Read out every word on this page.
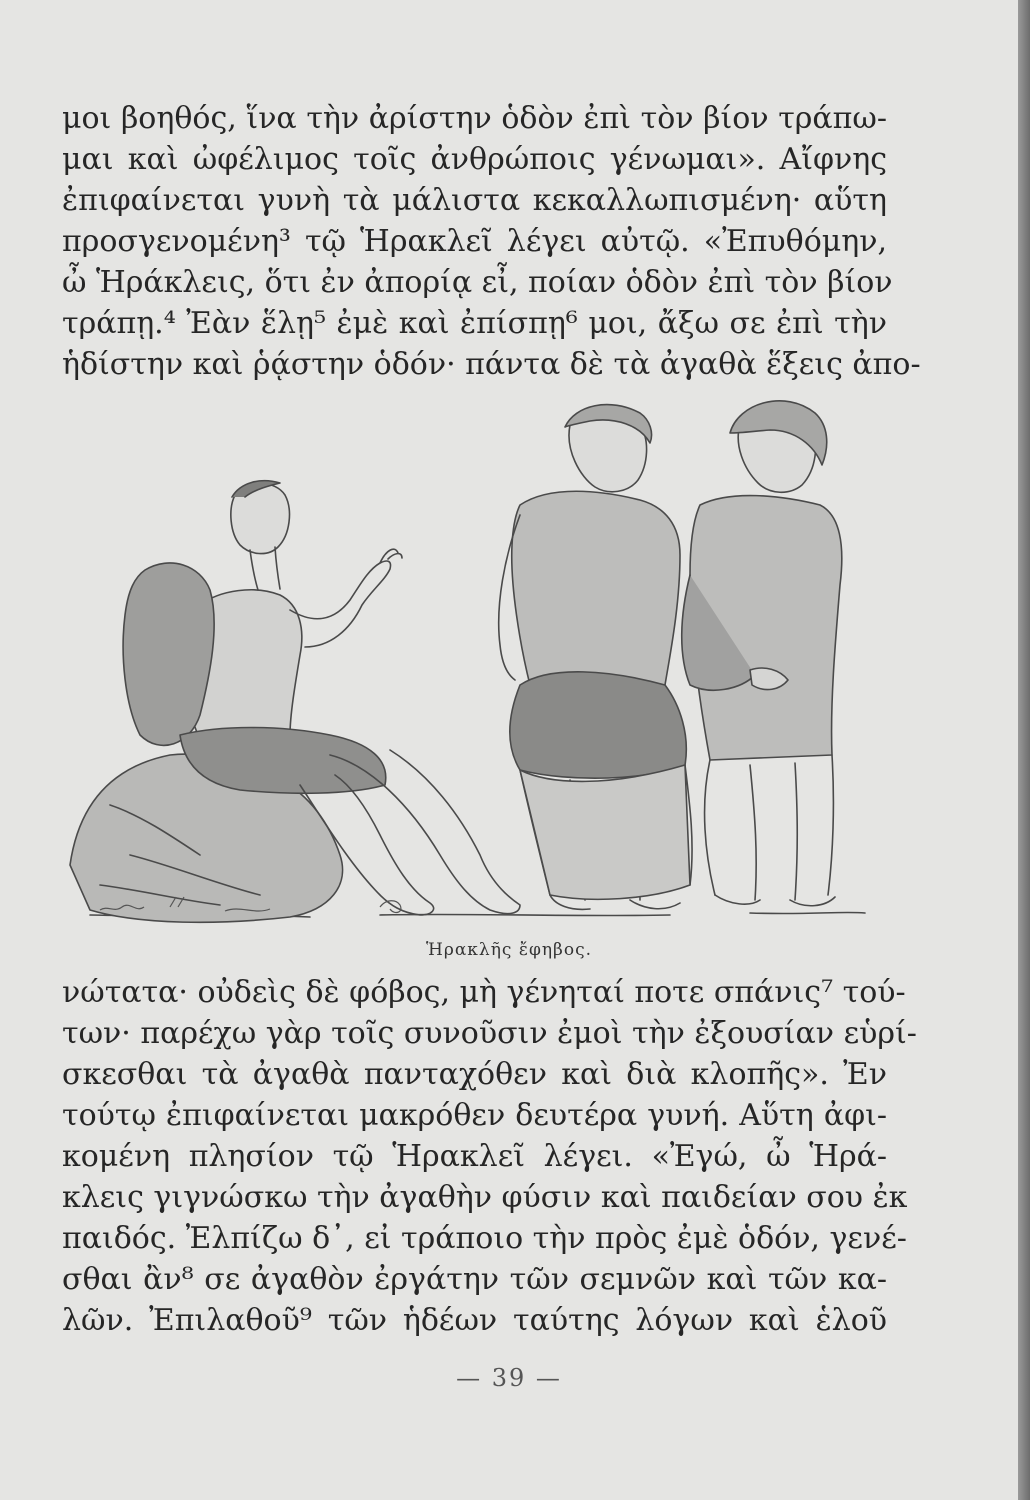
μοι βοηθός, ἵνα τὴν ἀρίστην ὁδὸν ἐπὶ τὸν βίον τράπω-
μαι καὶ ὠφέλιμος τοῖς ἀνθρώποις γένωμαι». Αἴφνης
ἐπιφαίνεται γυνὴ τὰ μάλιστα κεκαλλωπισμένη· αὕτη
προσγενομένη³ τῷ Ἡρακλεῖ λέγει αὐτῷ. «Ἐπυθόμην,
ὦ Ἡράκλεις, ὅτι ἐν ἀπορίᾳ εἶ, ποίαν ὁδὸν ἐπὶ τὸν βίον
τράπῃ.⁴ Ἐὰν ἕλῃ⁵ ἐμὲ καὶ ἐπίσπῃ⁶ μοι, ἄξω σε ἐπὶ τὴν
ἡδίστην καὶ ῥᾴστην ὁδόν· πάντα δὲ τὰ ἀγαθὰ ἕξεις ἀπο-
Ἡρακλῆς ἔφηβος.
νώτατα· οὐδεὶς δὲ φόβος, μὴ γένηταί ποτε σπάνις⁷ τού-
των· παρέχω γὰρ τοῖς συνοῦσιν ἐμοὶ τὴν ἐξουσίαν εὑρί-
σκεσθαι τὰ ἀγαθὰ πανταχόθεν καὶ διὰ κλοπῆς». Ἐν
τούτῳ ἐπιφαίνεται μακρόθεν δευτέρα γυνή. Αὕτη ἀφι-
κομένη πλησίον τῷ Ἡρακλεῖ λέγει. «Ἐγώ, ὦ Ἡρά-
κλεις γιγνώσκω τὴν ἀγαθὴν φύσιν καὶ παιδείαν σου ἐκ
παιδός. Ἐλπίζω δ᾽, εἰ τράποιο τὴν πρὸς ἐμὲ ὁδόν, γενέ-
σθαι ἂν⁸ σε ἀγαθὸν ἐργάτην τῶν σεμνῶν καὶ τῶν κα-
λῶν. Ἐπιλαθοῦ⁹ τῶν ἡδέων ταύτης λόγων καὶ ἑλοῦ
— 39 —
